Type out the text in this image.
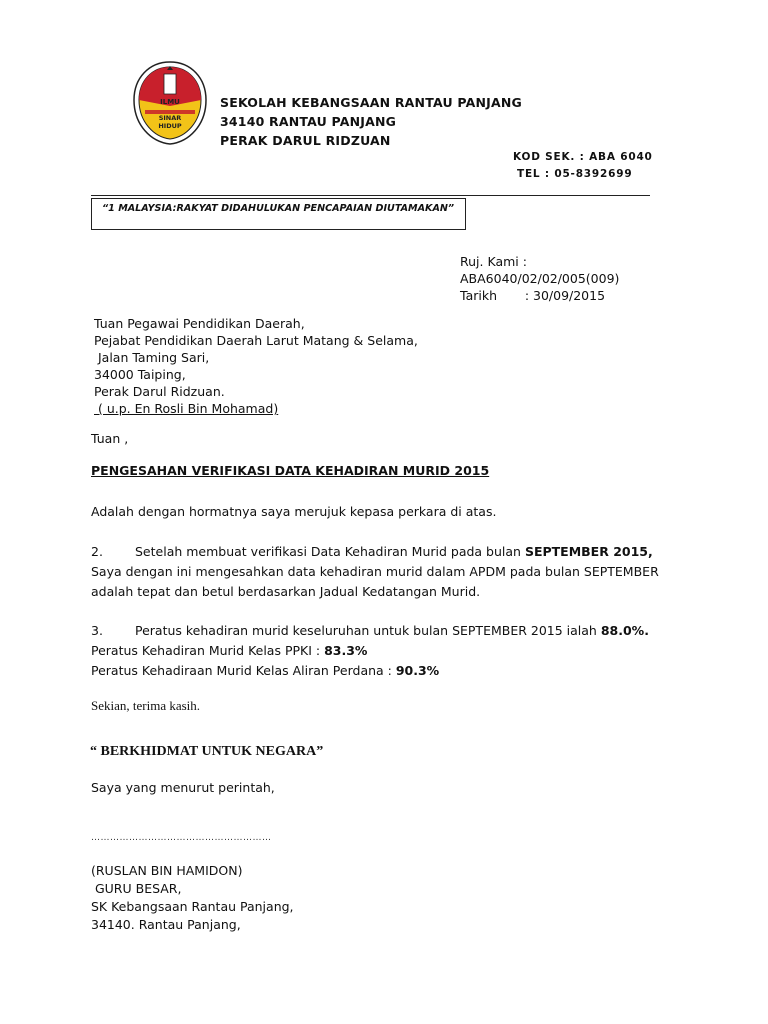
ILMU
SINAR
HIDUP
SEKOLAH KEBANGSAAN RANTAU PANJANG
34140 RANTAU PANJANG
PERAK DARUL RIDZUAN
KOD SEK. : ABA 6040
TEL : 05-8392699
“1 MALAYSIA:RAKYAT DIDAHULUKAN PENCAPAIAN DIUTAMAKAN”
Ruj. Kami :
ABA6040/02/02/005(009)
Tarikh       : 30/09/2015
Tuan Pegawai Pendidikan Daerah,
Pejabat Pendidikan Daerah Larut Matang & Selama,
Jalan Taming Sari,
34000 Taiping,
Perak Darul Ridzuan.
( u.p. En Rosli Bin Mohamad)
Tuan ,
PENGESAHAN VERIFIKASI DATA KEHADIRAN MURID 2015
Adalah dengan hormatnya saya merujuk kepasa perkara di atas.
2.	Setelah membuat verifikasi Data Kehadiran Murid pada bulan SEPTEMBER 2015,
Saya dengan ini mengesahkan data kehadiran murid dalam APDM pada bulan SEPTEMBER
adalah tepat dan betul berdasarkan Jadual Kedatangan Murid.
3.	Peratus kehadiran murid keseluruhan untuk bulan SEPTEMBER 2015 ialah 88.0%.
Peratus Kehadiran Murid Kelas PPKI : 83.3%
Peratus Kehadiraan Murid Kelas Aliran Perdana : 90.3%
Sekian, terima kasih.
“ BERKHIDMAT UNTUK NEGARA”
Saya yang menurut perintah,
…………………………………………………
(RUSLAN BIN HAMIDON)
GURU BESAR,
SK Kebangsaan Rantau Panjang,
34140. Rantau Panjang,
